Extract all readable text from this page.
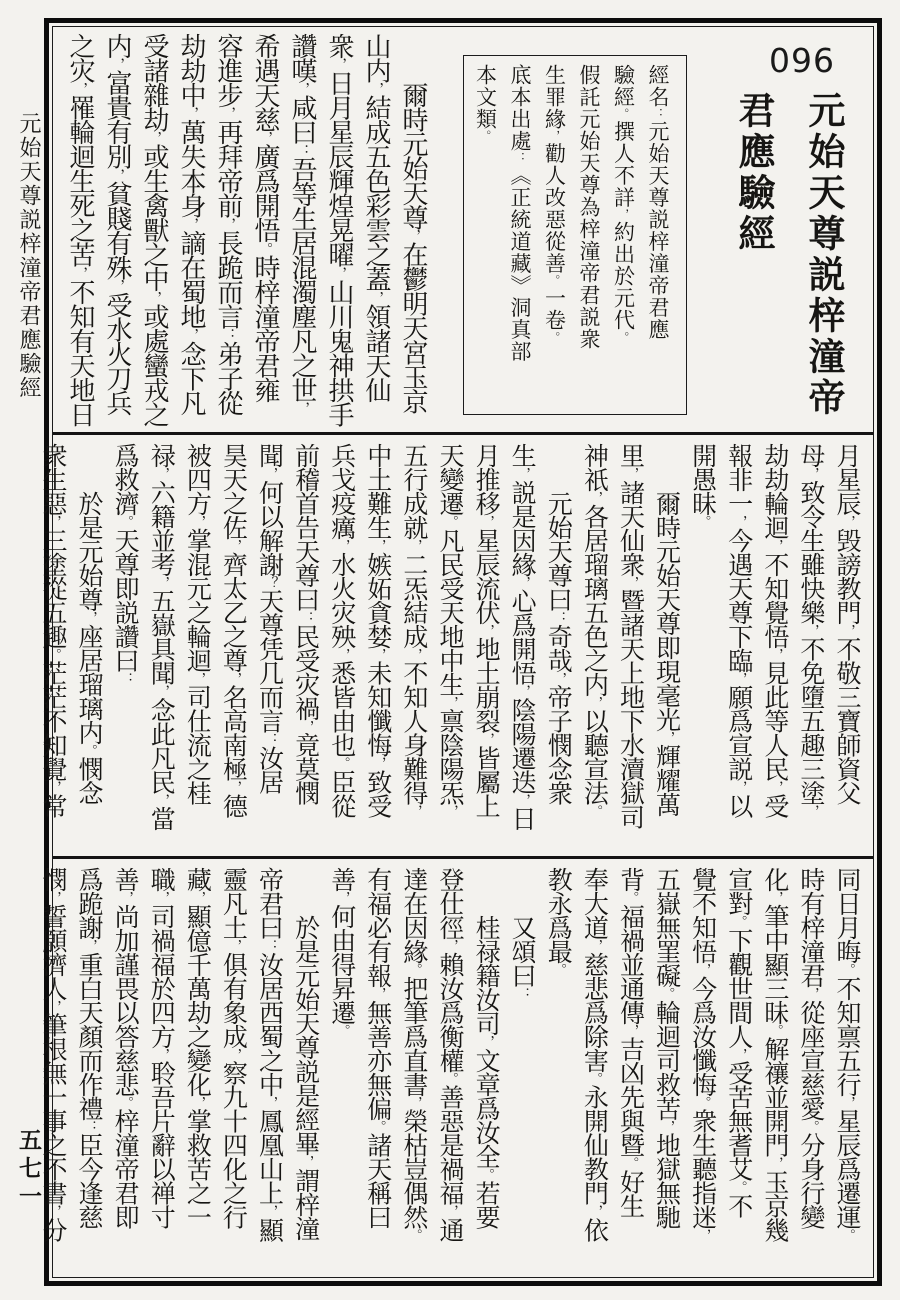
元始天尊説梓潼帝君應驗經
五七一
096
元始天尊説梓潼帝
君應驗經

經名：元始天尊説梓潼帝君應

驗經。撰人不詳，約出於元代。

假託元始天尊為梓潼帝君説衆

生罪緣，勸人改惡從善。一卷。

底本出處：《正統道藏》洞真部

本文類。

　　爾時元始天尊，在鬱明天宮玉京

山内，結成五色彩雲之蓋，領諸天仙

衆，日月星辰輝煌晃曜，山川鬼神拱手

讚嘆，咸曰：吾等生居混濁塵凡之世，

希遇天慈，廣爲開悟。時梓潼帝君雍

容進步，再拜帝前，長跪而言：弟子從

劫劫中，萬失本身，謫在蜀地，念下凡

受諸雜劫，或生禽獸之中，或處蠻戎之

内，富貴有別，貧賤有殊，受水火刀兵

之灾，罹輪迴生死之苦，不知有天地日

月星辰，毁謗教門，不敬三寶師資父

母，致令生雖快樂，不免墮五趣三塗，

劫劫輪迴，不知覺悟，見此等人民，受

報非一，今遇天尊下臨，願爲宣説，以

開愚昧。

　　爾時元始天尊即現毫光，輝耀萬

里，諸天仙衆，暨諸天上地下水瀆獄司

神祇，各居瑠璃五色之内，以聽宣法。

　　元始天尊曰：奇哉，帝子憫念衆

生，説是因緣，心爲開悟，陰陽遷迭，日

月推移，星辰流伏，地土崩裂，皆屬上

天變遷。凡民受天地中生，禀陰陽炁，

五行成就，二炁結成，不知人身難得，

中土難生，嫉妬貪婪，未知懺悔，致受

兵戈疫癘，水火灾殃，悉皆由也。臣從

前稽首告天尊曰：民受灾禍，竟莫憫

聞，何以解謝？天尊凭几而言：汝居

昊天之佐，齊太乙之尊，名高南極，德

被四方，掌混元之輪迴，司仕流之桂

禄，六籍並考，五嶽具聞，念此凡民，當

爲救濟。天尊即説讚曰：

　　於是元始尊，座居瑠璃内。憫念

衆生惡，三塗從五趣。茫茫不知覺，常

同日月晦。不知禀五行，星辰爲遷運。

時有梓潼君，從座宣慈愛。分身行變

化，筆中顯三昧。解禳並開門，玉京幾

宣對。下觀世間人，受苦無耆艾。不

覺不知悟，今爲汝懺悔。衆生聽指迷，

五嶽無罣礙。輪迴司救苦，地獄無馳

背。福禍並通傳，吉凶先與暨。好生

奉大道，慈悲爲除害。永開仙教門，依

教永爲最。

　　又頌曰：

　　桂禄籍汝司，文章爲汝全。若要

登仕徑，賴汝爲衡權。善惡是禍福，通

達在因緣。把筆爲直書，榮枯豈偶然。

有福必有報，無善亦無偏。諸天稱曰

善，何由得昇遷。

　　於是元始天尊説是經畢，謂梓潼

帝君曰：汝居西蜀之中，鳳凰山上，顯

靈凡土，俱有象成，察九十四化之行

藏，顯億千萬劫之變化，掌救苦之一

職，司禍福於四方，聆吾片辭以禅寸

善，尚加謹畏以答慈悲。梓潼帝君即

爲跪謝，重白天顏而作禮：臣今逢慈

憫，誓願濟人，筆根無一事之不書，分
